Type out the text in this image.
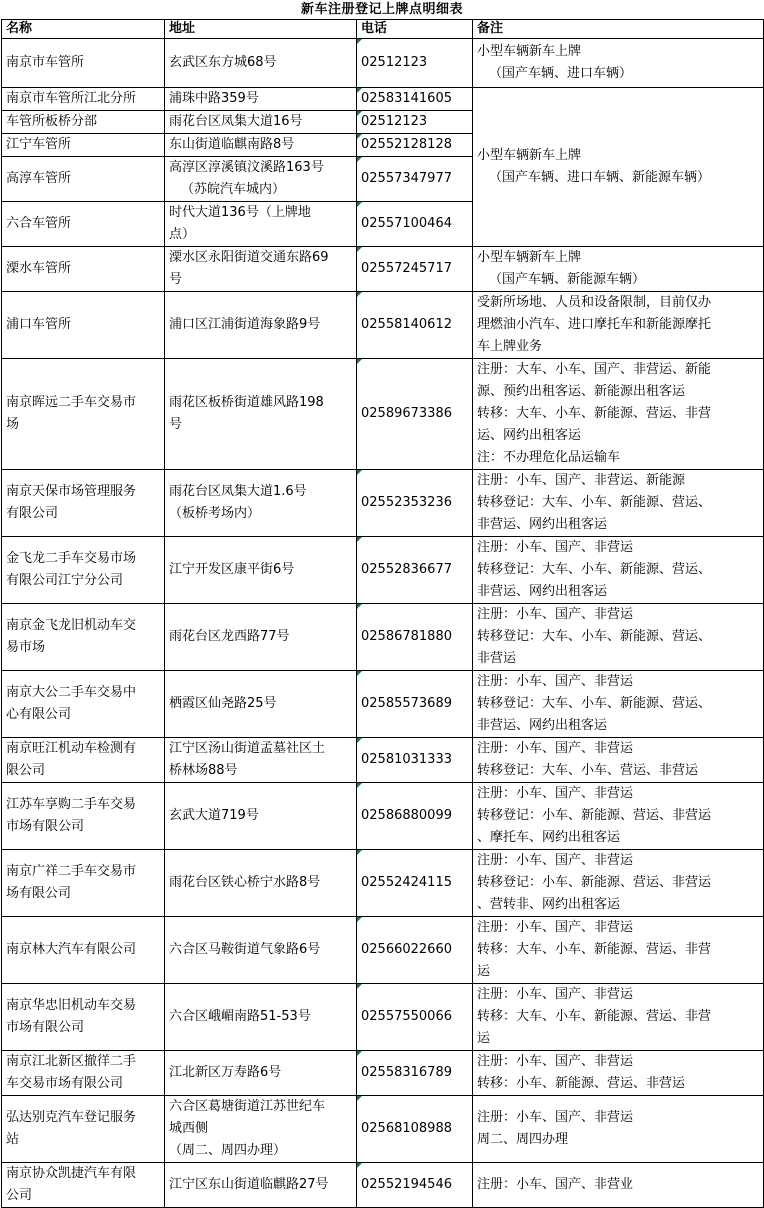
新车注册登记上牌点明细表
名称	地址	电话	备注

南京市车管所	玄武区东方城68号	02512123	小型车辆新车上牌
（国产车辆、进口车辆）

南京市车管所江北分所	浦珠中路359号	02583141605	小型车辆新车上牌
（国产车辆、进口车辆、新能源车辆）

车管所板桥分部	雨花台区凤集大道16号	02512123	

江宁车管所	东山街道临麒南路8号	02552128128	

高淳车管所	高淳区淳溪镇汶溪路163号
（苏皖汽车城内）	02557347977	

六合车管所	时代大道136号（上牌地
点）	02557100464	

溧水车管所	溧水区永阳街道交通东路69
号	02557245717	小型车辆新车上牌
（国产车辆、新能源车辆）

浦口车管所	浦口区江浦街道海象路9号	02558140612	受新所场地、人员和设备限制，目前仅办
理燃油小汽车、进口摩托车和新能源摩托
车上牌业务

南京晖远二手车交易市
场	雨花区板桥街道雄风路198
号	02589673386	注册：大车、小车、国产、非营运、新能
源、预约出租客运、新能源出租客运
转移：大车、小车、新能源、营运、非营
运、网约出租客运
注：不办理危化品运输车

南京天保市场管理服务
有限公司	雨花台区凤集大道1.6号
（板桥考场内）	02552353236	注册：小车、国产、非营运、新能源
转移登记：大车、小车、新能源、营运、
非营运、网约出租客运

金飞龙二手车交易市场
有限公司江宁分公司	江宁开发区康平街6号	02552836677	注册：小车、国产、非营运
转移登记：大车、小车、新能源、营运、
非营运、网约出租客运

南京金飞龙旧机动车交
易市场	雨花台区龙西路77号	02586781880	注册：小车、国产、非营运
转移登记：大车、小车、新能源、营运、
非营运

南京大公二手车交易中
心有限公司	栖霞区仙尧路25号	02585573689	注册：小车、国产、非营运
转移登记：大车、小车、新能源、营运、
非营运、网约出租客运

南京旺江机动车检测有
限公司	江宁区汤山街道孟墓社区土
桥林场88号	02581031333	注册：小车、国产、非营运
转移登记：大车、小车、营运、非营运

江苏车享购二手车交易
市场有限公司	玄武大道719号	02586880099	注册：小车、国产、非营运
转移登记：小车、新能源、营运、非营运
、摩托车、网约出租客运

南京广祥二手车交易市
场有限公司	雨花台区铁心桥宁水路8号	02552424115	注册：小车、国产、非营运
转移登记：小车、新能源、营运、非营运
、营转非、网约出租客运

南京林大汽车有限公司	六合区马鞍街道气象路6号	02566022660	注册：小车、国产、非营运
转移：大车、小车、新能源、营运、非营
运

南京华忠旧机动车交易
市场有限公司	六合区峨嵋南路51-53号	02557550066	注册：小车、国产、非营运
转移：大车、小车、新能源、营运、非营
运

南京江北新区撤徉二手
车交易市场有限公司	江北新区万寿路6号	02558316789	注册：小车、国产、非营运
转移：小车、新能源、营运、非营运

弘达别克汽车登记服务
站	六合区葛塘街道江苏世纪车
城西侧
（周二、周四办理）	02568108988	注册：小车、国产、非营运
周二、周四办理

南京协众凯捷汽车有限
公司	江宁区东山街道临麒路27号	02552194546	注册：小车、国产、非营业
